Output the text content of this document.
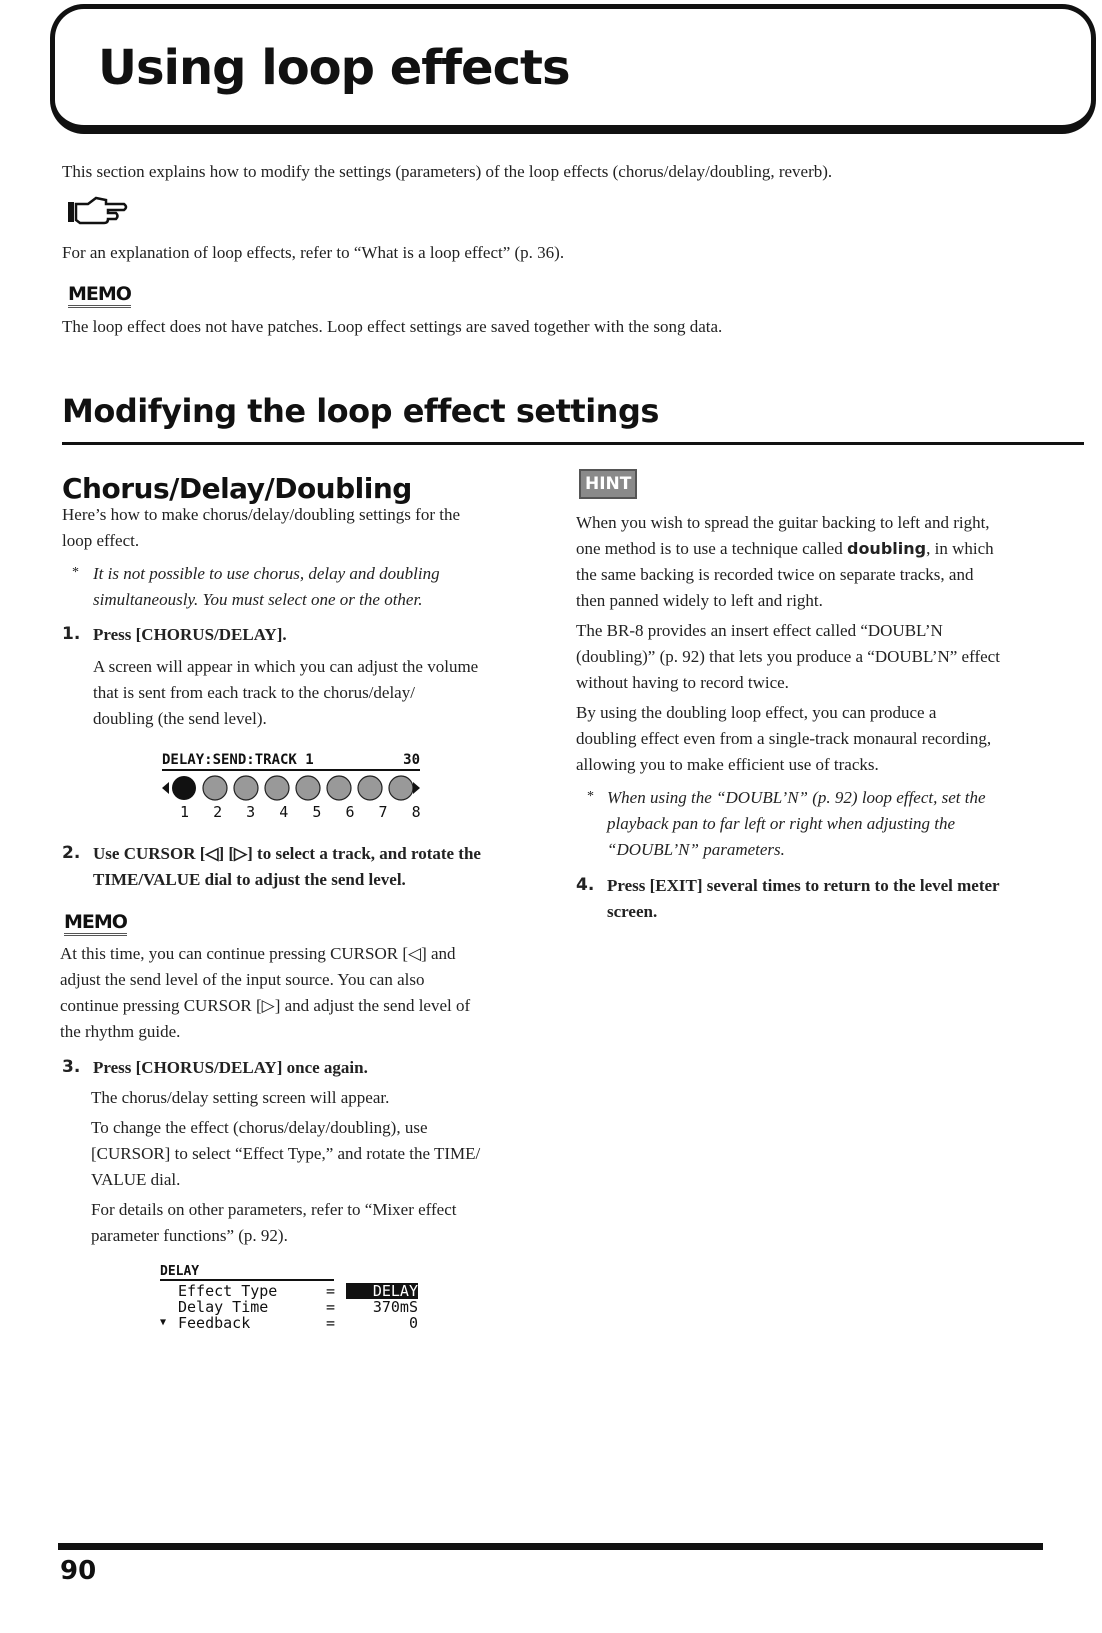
Using loop effects

This section explains how to modify the settings (parameters) of the loop effects (chorus/delay/doubling, reverb).

For an explanation of loop effects, refer to “What is a loop effect” (p. 36).

MEMO

The loop effect does not have patches. Loop effect settings are saved together with the song data.

Modifying the loop effect settings
Chorus/Delay/Doubling

Here’s how to make chorus/delay/doubling settings for the

loop effect.

* It is not possible to use chorus, delay and doubling

simultaneously. You must select one or the other.

1. Press [CHORUS/DELAY].

A screen will appear in which you can adjust the volume

that is sent from each track to the chorus/delay/

doubling (the send level).

DELAY:SEND:TRACK 1	30
1  2  3  4  5  6  7  8
2. Use CURSOR [◁] [▷] to select a track, and rotate the
TIME/VALUE dial to adjust the send level.
MEMO
At this time, you can continue pressing CURSOR [◁] and

adjust the send level of the input source. You can also

continue pressing CURSOR [▷] and adjust the send level of

the rhythm guide.

3. Press [CHORUS/DELAY] once again.

The chorus/delay setting screen will appear.

To change the effect (chorus/delay/doubling), use

[CURSOR] to select “Effect Type,” and rotate the TIME/

VALUE dial.

For details on other parameters, refer to “Mixer effect

parameter functions” (p. 92).

DELAY
Effect Type	=	DELAY
Delay Time	=	370mS
▼ Feedback	=	0
HINT

When you wish to spread the guitar backing to left and right,

one method is to use a technique called doubling, in which

the same backing is recorded twice on separate tracks, and

then panned widely to left and right.

The BR-8 provides an insert effect called “DOUBL’N

(doubling)” (p. 92) that lets you produce a “DOUBL’N” effect

without having to record twice.

By using the doubling loop effect, you can produce a

doubling effect even from a single-track monaural recording,

allowing you to make efficient use of tracks.

* When using the “DOUBL’N” (p. 92) loop effect, set the

playback pan to far left or right when adjusting the

“DOUBL’N” parameters.

4. Press [EXIT] several times to return to the level meter
screen.
90
